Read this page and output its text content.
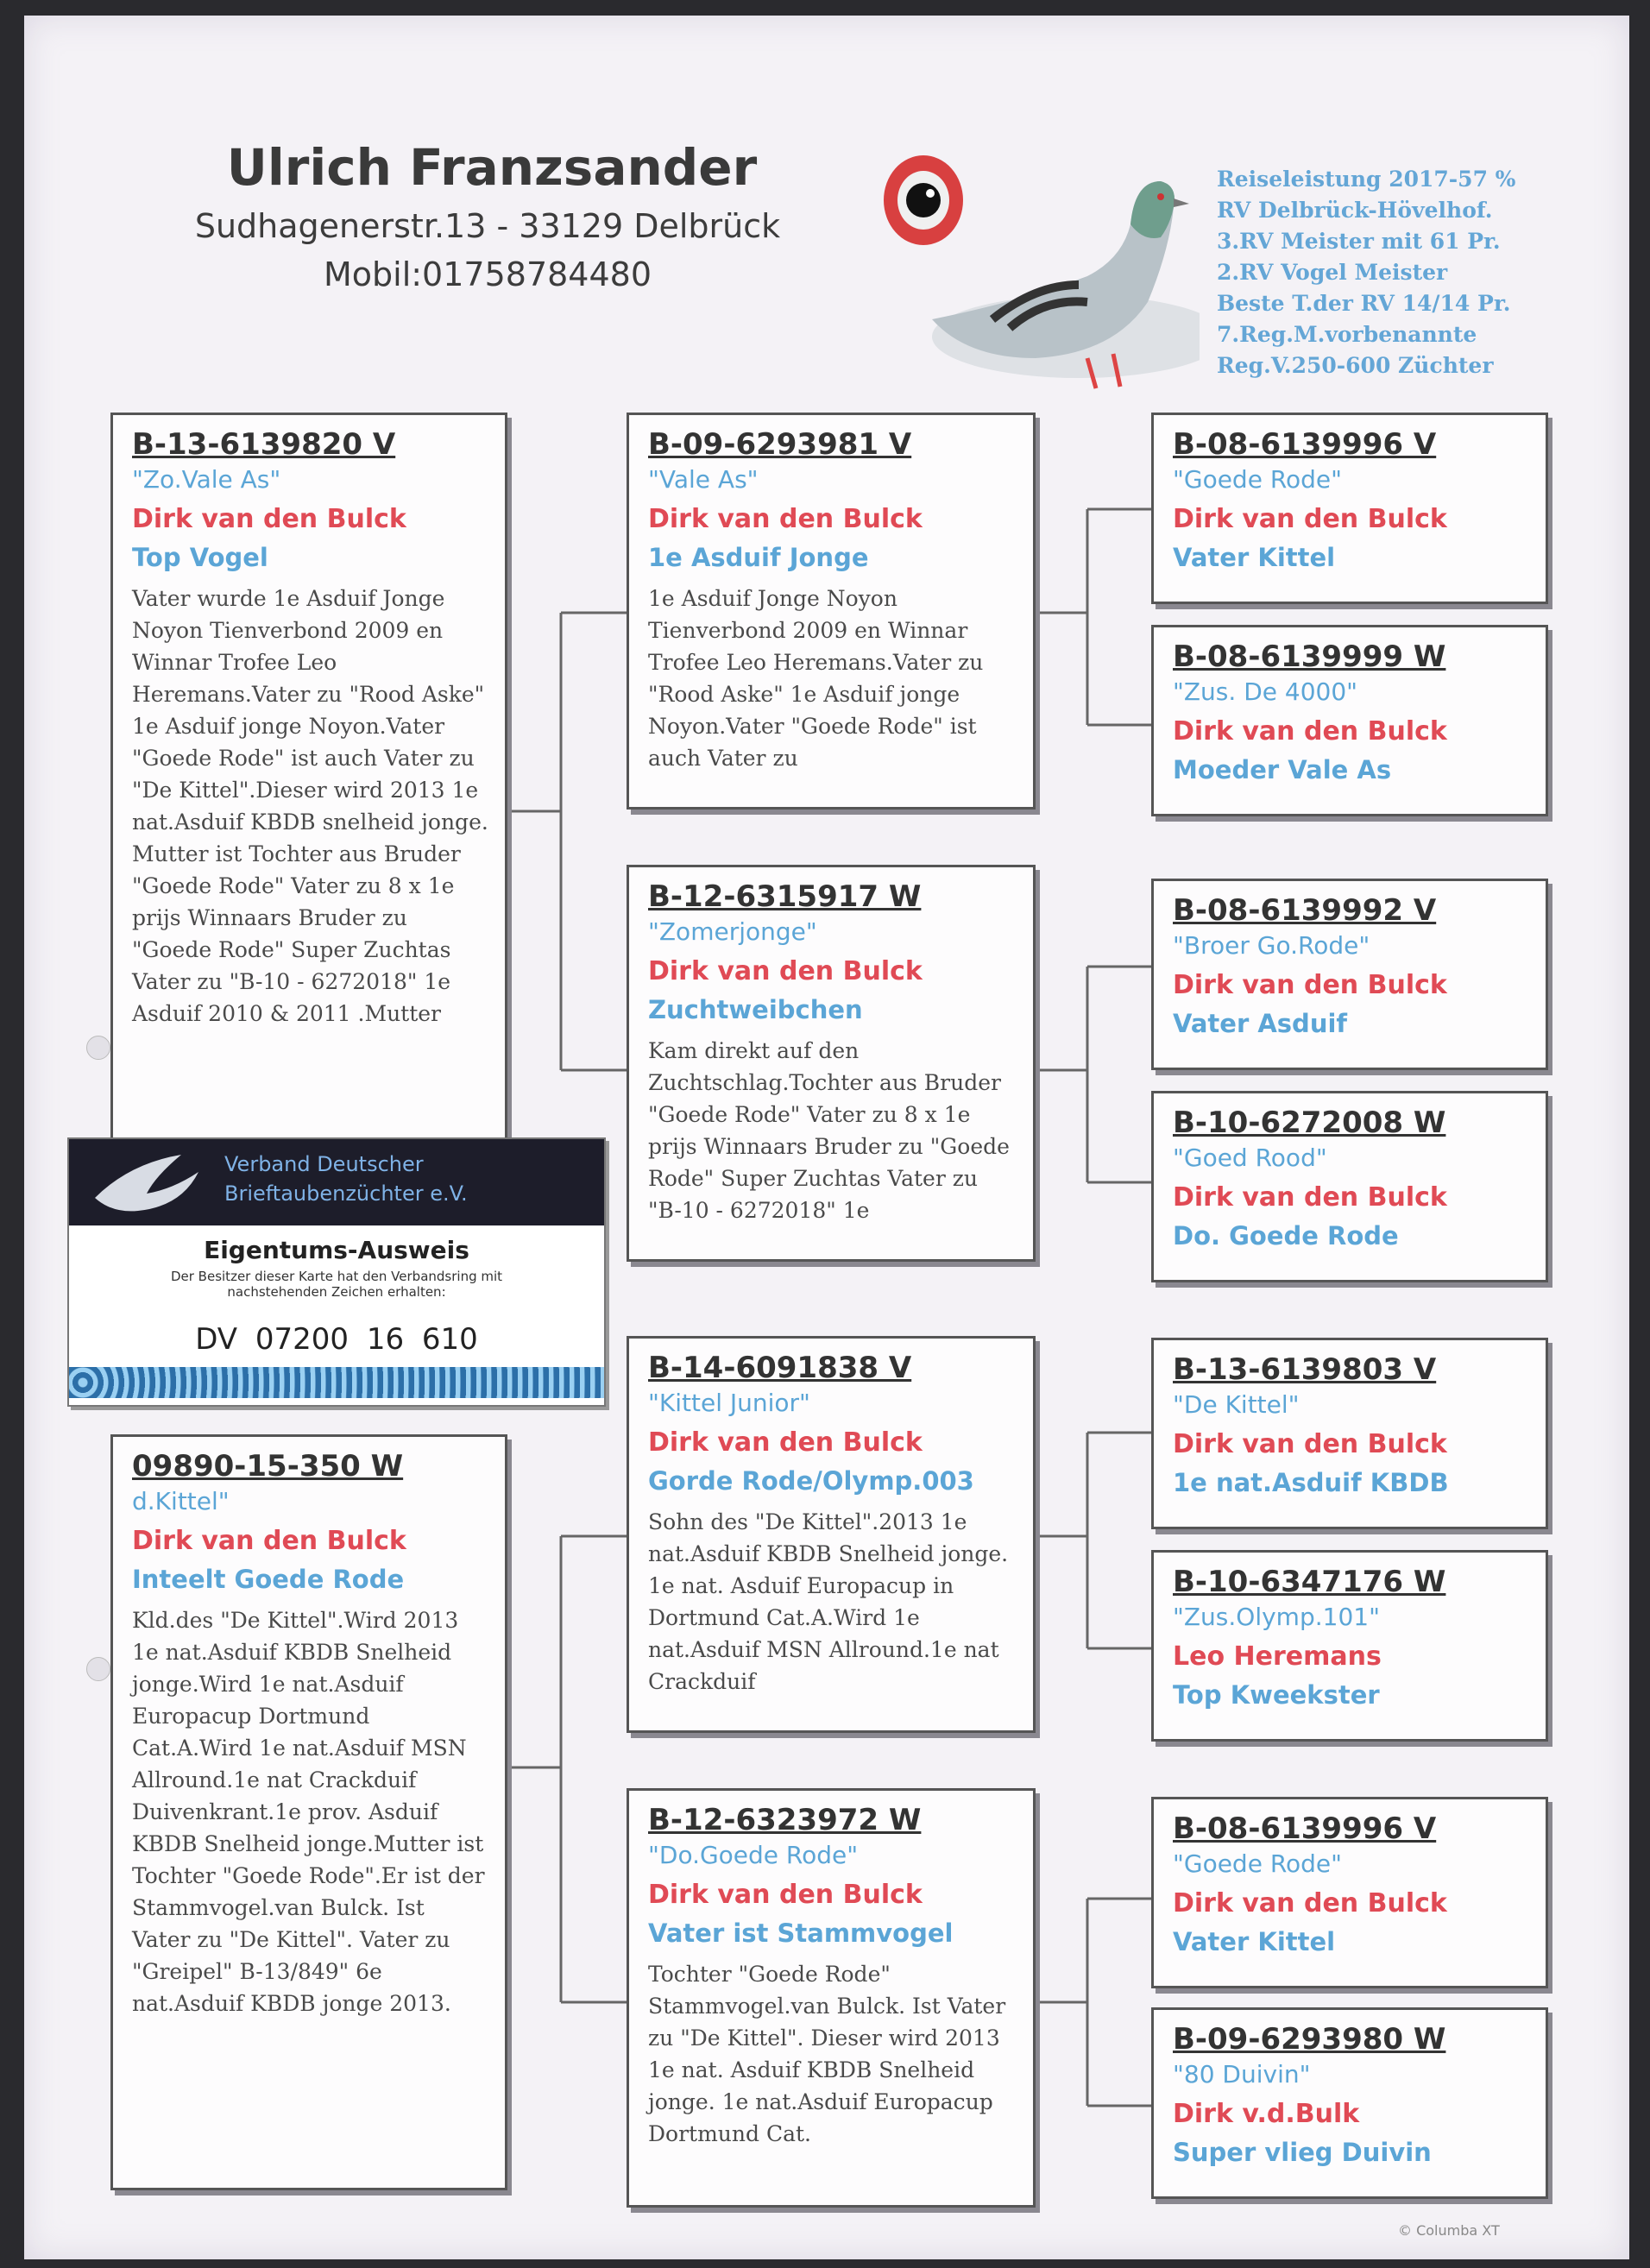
Ulrich Franzsander
Sudhagenerstr.13 - 33129 Delbrück
Mobil:01758784480
Reiseleistung 2017-57 %
RV Delbrück-Hövelhof.
3.RV Meister mit 61 Pr.
2.RV Vogel Meister
Beste T.der RV 14/14 Pr.
7.Reg.M.vorbenannte
Reg.V.250-600 Züchter
B-13-6139820 V
"Zo.Vale As"
Dirk van den Bulck
Top Vogel
Vater wurde 1e Asduif Jonge Noyon Tienverbond 2009 en Winnar Trofee Leo Heremans.Vater zu "Rood Aske" 1e Asduif jonge Noyon.Vater "Goede Rode" ist auch Vater zu "De Kittel".Dieser wird 2013 1e nat.Asduif KBDB snelheid jonge. Mutter ist Tochter aus Bruder "Goede Rode" Vater zu 8 x 1e prijs Winnaars Bruder zu "Goede Rode" Super Zuchtas Vater zu "B-10 - 6272018" 1e Asduif 2010 & 2011 .Mutter
09890-15-350 W
d.Kittel"
Dirk van den Bulck
Inteelt Goede Rode
Kld.des "De Kittel".Wird 2013 1e nat.Asduif KBDB Snelheid jonge.Wird 1e nat.Asduif Europacup Dortmund Cat.A.Wird 1e nat.Asduif MSN Allround.1e nat Crackduif Duivenkrant.1e prov. Asduif KBDB Snelheid jonge.Mutter ist Tochter "Goede Rode".Er ist der Stammvogel.van Bulck. Ist Vater zu "De Kittel". Vater zu "Greipel" B-13/849" 6e nat.Asduif KBDB jonge 2013.
B-09-6293981 V
"Vale As"
Dirk van den Bulck
1e Asduif Jonge
1e Asduif Jonge Noyon Tienverbond 2009 en Winnar Trofee Leo Heremans.Vater zu "Rood Aske" 1e Asduif jonge Noyon.Vater "Goede Rode" ist auch Vater zu
B-12-6315917 W
"Zomerjonge"
Dirk van den Bulck
Zuchtweibchen
Kam direkt auf den Zuchtschlag.Tochter aus Bruder "Goede Rode" Vater zu 8 x 1e prijs Winnaars Bruder zu "Goede Rode" Super Zuchtas Vater zu "B-10 - 6272018" 1e
B-14-6091838 V
"Kittel Junior"
Dirk van den Bulck
Gorde Rode/Olymp.003
Sohn des "De Kittel".2013 1e nat.Asduif KBDB Snelheid jonge. 1e nat. Asduif Europacup in Dortmund Cat.A.Wird 1e nat.Asduif MSN Allround.1e nat Crackduif
B-12-6323972 W
"Do.Goede Rode"
Dirk van den Bulck
Vater ist Stammvogel
Tochter "Goede Rode" Stammvogel.van Bulck. Ist Vater zu "De Kittel". Dieser wird 2013 1e nat. Asduif KBDB Snelheid jonge. 1e nat.Asduif Europacup Dortmund Cat.
B-08-6139996 V
"Goede Rode"
Dirk van den Bulck
Vater Kittel
B-08-6139999 W
"Zus. De 4000"
Dirk van den Bulck
Moeder Vale As
B-08-6139992 V
"Broer Go.Rode"
Dirk van den Bulck
Vater Asduif
B-10-6272008 W
"Goed Rood"
Dirk van den Bulck
Do. Goede Rode
B-13-6139803 V
"De Kittel"
Dirk van den Bulck
1e nat.Asduif KBDB
B-10-6347176 W
"Zus.Olymp.101"
Leo Heremans
Top Kweekster
B-08-6139996 V
"Goede Rode"
Dirk van den Bulck
Vater Kittel
B-09-6293980 W
"80 Duivin"
Dirk v.d.Bulk
Super vlieg Duivin
Verband Deutscher Brieftaubenzüchter e.V.
Eigentums-Ausweis
Der Besitzer dieser Karte hat den Verbandsring mit nachstehenden Zeichen erhalten:
DV 07200 16 610
© Columba XT
